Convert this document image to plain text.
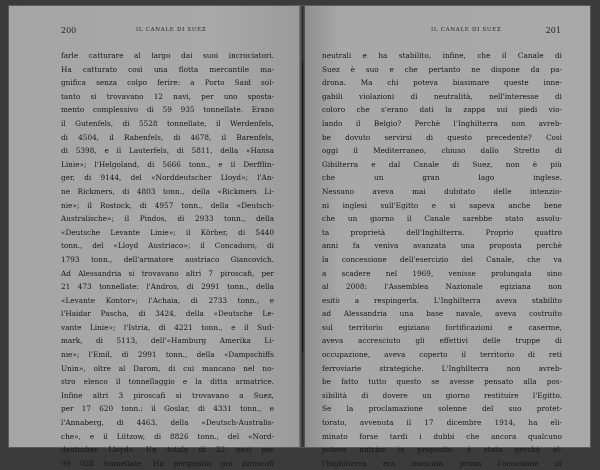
200	IL CANALE DI SUEZ
farle catturare al largo dai suoi incrociatori.
Ha catturato così una flotta mercantile ma-
gnifica senza colpo ferire: a Porto Said sol-
tanto si trovavano 12 navi, per uno sposta-
mento complessivo di 59 935 tonnellate. Erano
il Gutenfels, di 5528 tonnellate, il Werdenfels,
di 4504, il Rabenfels, di 4678, il Barenfels,
di 5398, e il Lauterfels, di 5811, della «Hansa
Linie»; l'Helgoland, di 5666 tonn., e il Derfflin-
ger, di 9144, del «Norddeutscher Lloyd»; l'An-
ne Rickmers, di 4803 tonn., della «Rickmers Li-
nie»; il Rostock, di 4957 tonn., della «Deutsch-
Australische»; il Pindos, di 2933 tonn., della
«Deutsche Levante Linie»; il Körber, di 5440
tonn., del «Lloyd Austriaco»; il Concadoro, di
1793 tonn., dell'armatore austriaco Giancovich.
Ad Alessandria si trovavano altri 7 piroscafi, per
21 473 tonnellate: l'Andros, di 2991 tonn., della
«Levante Kontor»; l'Achaia, di 2733 tonn., e
l'Haidar Pascha, di 3424, della «Deutsche Le-
vante Linie»; l'Istria, di 4221 tonn., e il Sud-
mark, di 5113, dell'«Hamburg Amerika Li-
nie»; l'Emil, di 2991 tonn., della «Dampschiffs
Unin», oltre al Darom, di cui mancano nel no-
stro elenco il tonnellaggio e la ditta armatrice.
Infine altri 3 piroscafi si trovavano a Suez,
per 17 620 tonn.: il Goslar, di 4331 tonn., e
l'Annaberg, di 4463, della «Deutsch-Australis-
che», e il Lützow, di 8826 tonn., del «Nord-
deutscher Lloyd». Un totale di 22 navi per
99 028 tonnellate. Ha perquisito poi piroscafi
IL CANALE DI SUEZ	201
neutrali e ha stabilito, infine, che il Canale di
Suez è suo e che pertanto ne dispone da pa-
drona. Ma chi poteva biasimare queste inne-
gabili violazioni di neutralità, nell'interesse di
coloro che s'erano dati la zappa sui piedi vio-
lando il Belgio? Perchè l'Inghilterra non avreb-
be dovuto servirsi di questo precedente? Così
oggi il Mediterraneo, chiuso dallo Stretto di
Gibilterra e dal Canale di Suez, non è più
che un gran lago inglese.
Nessuno aveva mai dubitato delle intenzio-
ni inglesi sull'Egitto e si sapeva anche bene
che un giorno il Canale sarebbe stato assolu-
ta proprietà dell'Inghilterra. Proprio quattro
anni fa veniva avanzata una proposta perchè
la concessione dell'esercizio del Canale, che va
a scadere nel 1969, venisse prolungata sino
al 2008: l'Assemblea Nazionale egiziana non
esitò a respingerla. L'Inghilterra aveva stabilito
ad Alessandria una base navale, aveva costruito
sul territorio egiziano fortificazioni e caserme,
aveva accresciuto gli effettivi delle truppe di
occupazione, aveva coperto il territorio di reti
ferroviarie strategiche. L'Inghilterra non avreb-
be fatto tutto questo se avesse pensato alla pos-
sibilità di dovere un giorno restituire l'Egitto.
Se la proclamazione solenne del suo protet-
torato, avvenuta il 17 dicembre 1914, ha eli-
minato forse tardi i dubbi che ancora qualcuno
poteva nutrire in proposito, è stato perchè al-
l'Inghilterra era mancata prima l'occasione di
